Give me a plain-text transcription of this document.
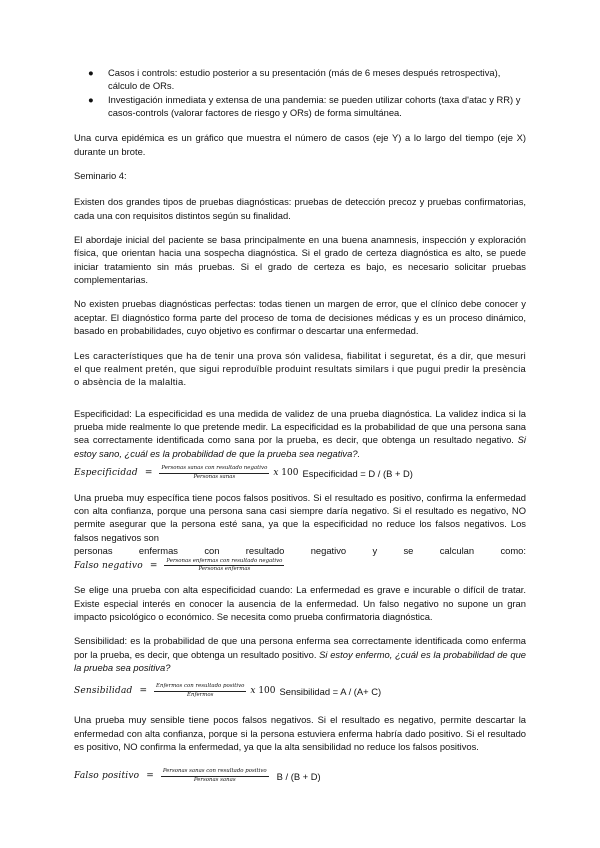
● Casos i controls: estudio posterior a su presentación (más de 6 meses después retrospectiva), cálculo de ORs.
● Investigación inmediata y extensa de una pandemia: se pueden utilizar cohorts (taxa d'atac y RR) y casos-controls (valorar factores de riesgo y ORs) de forma simultánea.

Una curva epidémica es un gráfico que muestra el número de casos (eje Y) a lo largo del tiempo (eje X) durante un brote.

Seminario 4:

Existen dos grandes tipos de pruebas diagnósticas: pruebas de detección precoz y pruebas confirmatorias, cada una con requisitos distintos según su finalidad.

El abordaje inicial del paciente se basa principalmente en una buena anamnesis, inspección y exploración física, que orientan hacia una sospecha diagnóstica. Si el grado de certeza diagnóstica es alto, se puede iniciar tratamiento sin más pruebas. Si el grado de certeza es bajo, es necesario solicitar pruebas complementarias.

No existen pruebas diagnósticas perfectas: todas tienen un margen de error, que el clínico debe conocer y aceptar. El diagnóstico forma parte del proceso de toma de decisiones médicas y es un proceso dinámico, basado en probabilidades, cuyo objetivo es confirmar o descartar una enfermedad.

Les característiques que ha de tenir una prova són validesa, fiabilitat i seguretat, és a dir, que mesuri el que realment pretén, que sigui reproduïble produint resultats similars i que pugui predir la presència o absència de la malaltia.

Especificidad: La especificidad es una medida de validez de una prueba diagnóstica. La validez indica si la prueba mide realmente lo que pretende medir. La especificidad es la probabilidad de que una persona sana sea correctamente identificada como sana por la prueba, es decir, que obtenga un resultado negativo. Si estoy sano, ¿cuál es la probabilidad de que la prueba sea negativa?.

Especificidad = $\frac{\text{Personas sanas con resultado negativo}}{\text{Personas sanas}}$ x 100 Especificidad = D / (B + D)

Una prueba muy específica tiene pocos falsos positivos. Si el resultado es positivo, confirma la enfermedad con alta confianza, porque una persona sana casi siempre daría negativo. Si el resultado es negativo, NO permite asegurar que la persona esté sana, ya que la especificidad no reduce los falsos negativos. Los falsos negativos son

personas	enfermas	con	resultado	negativo	y	se	calculan	como:
Falso negativo = $\frac{\text{Personas enfermas con resultado negativo}}{\text{Personas enfermas}}$

Se elige una prueba con alta especificidad cuando: La enfermedad es grave e incurable o difícil de tratar. Existe especial interés en conocer la ausencia de la enfermedad. Un falso negativo no supone un gran impacto psicológico o económico. Se necesita como prueba confirmatoria diagnóstica.

Sensibilidad: es la probabilidad de que una persona enferma sea correctamente identificada como enferma por la prueba, es decir, que obtenga un resultado positivo. Si estoy enfermo, ¿cuál es la probabilidad de que la prueba sea positiva?

Sensibilidad = $\frac{\text{Enfermos con resultado positivo}}{\text{Enfermos}}$ x 100 Sensibilidad = A / (A+ C)

Una prueba muy sensible tiene pocos falsos negativos. Si el resultado es negativo, permite descartar la enfermedad con alta confianza, porque si la persona estuviera enferma habría dado positivo. Si el resultado es positivo, NO confirma la enfermedad, ya que la alta sensibilidad no reduce los falsos positivos.

Falso positivo = $\frac{\text{Personas sanas con resultado positivo}}{\text{Personas sanas}}$ B / (B + D)
